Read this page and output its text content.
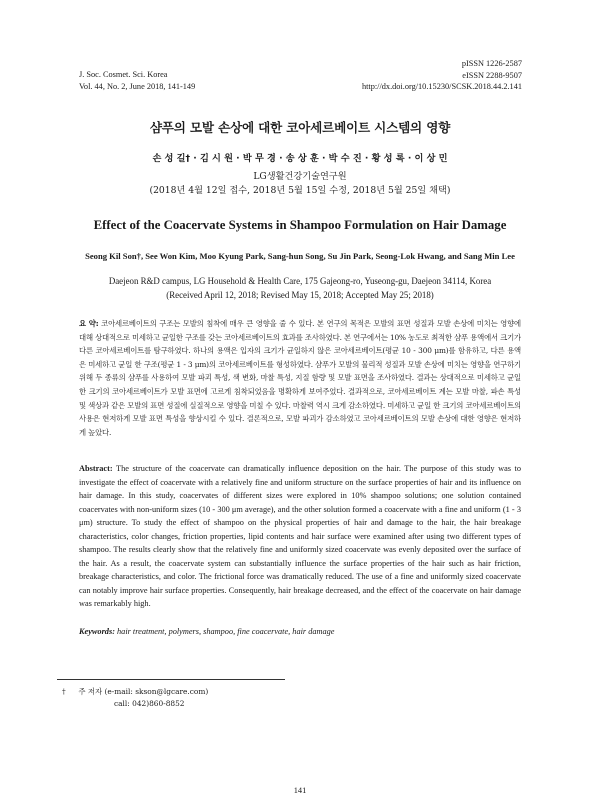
J. Soc. Cosmet. Sci. Korea
Vol. 44, No. 2, June 2018, 141-149
pISSN 1226-2587
eISSN 2288-9507
http://dx.doi.org/10.15230/SCSK.2018.44.2.141
샴푸의 모발 손상에 대한 코아세르베이트 시스템의 영향
손 성 길† · 김 시 원 · 박 무 경 · 송 상 훈 · 박 수 진 · 황 성 록 · 이 상 민
LG생활건강기술연구원
(2018년 4월 12일 접수, 2018년 5월 15일 수정, 2018년 5월 25일 채택)
Effect of the Coacervate Systems in Shampoo Formulation on Hair Damage
Seong Kil Son†, See Won Kim, Moo Kyung Park, Sang-hun Song, Su Jin Park, Seong-Lok Hwang, and Sang Min Lee
Daejeon R&D campus, LG Household & Health Care, 175 Gajeong-ro, Yuseong-gu, Daejeon 34114, Korea
(Received April 12, 2018; Revised May 15, 2018; Accepted May 25; 2018)
요 약: 코아세르베이트의 구조는 모발의 침착에 매우 큰 영향을 줄 수 있다. 본 연구의 목적은 모발의 표면 성질과 모발 손상에 미치는 영향에 대해 상대적으로 미세하고 균일한 구조를 갖는 코아세르베이트의 효과를 조사하였다. 본 연구에서는 10% 농도로 최적한 샴푸 용액에서 크기가 다른 코아세르베이트를 탐구하였다. 하나의 용액은 입자의 크기가 균일하지 않은 코아세르베이트(평균 10 - 300 μm)를 함유하고, 다른 용액은 미세하고 균일 한 구조(평균 1 - 3 μm)의 코아세르베이트를 형성하였다. 샴푸가 모발의 물리적 성질과 모발 손상에 미치는 영향을 연구하기 위해 두 종류의 샴푸를 사용하여 모발 파괴 특성, 색 변화, 마찰 특성, 지질 함량 및 모발 표면을 조사하였다. 결과는 상대적으로 미세하고 균일한 크기의 코아세르베이트가 모발 표면에 고르게 침착되었음을 명확하게 보여주었다. 결과적으로, 코아세르베이트 계는 모발 마찰, 파손 특성 및 색상과 같은 모발의 표면 성질에 실질적으로 영향을 미칠 수 있다. 마찰력 역시 크게 감소하였다. 미세하고 균일 한 크기의 코아세르베이트의 사용은 현저하게 모발 표면 특성을 향상시킬 수 있다. 결론적으로, 모발 파괴가 감소하였고 코아세르베이트의 모발 손상에 대한 영향은 현저하게 높았다.
Abstract: The structure of the coacervate can dramatically influence deposition on the hair. The purpose of this study was to investigate the effect of coacervate with a relatively fine and uniform structure on the surface properties of hair and its influence on hair damage. In this study, coacervates of different sizes were explored in 10% shampoo solutions; one solution contained coacervates with non-uniform sizes (10 - 300 μm average), and the other solution formed a coacervate with a fine and uniform (1 - 3 μm) structure. To study the effect of shampoo on the physical properties of hair and damage to the hair, the hair breakage characteristics, color changes, friction properties, lipid contents and hair surface were examined after using two different types of shampoo. The results clearly show that the relatively fine and uniformly sized coacervate was evenly deposited over the surface of the hair. As a result, the coacervate system can substantially influence the surface properties of the hair such as hair friction, breakage characteristics, and color. The frictional force was dramatically reduced. The use of a fine and uniformly sized coacervate can notably improve hair surface properties. Consequently, hair breakage decreased, and the effect of the coacervate on hair damage was remarkably high.
Keywords: hair treatment, polymers, shampoo, fine coacervate, hair damage
† 주 저자 (e-mail: skson@lgcare.com)
call: 042)860-8852
141
